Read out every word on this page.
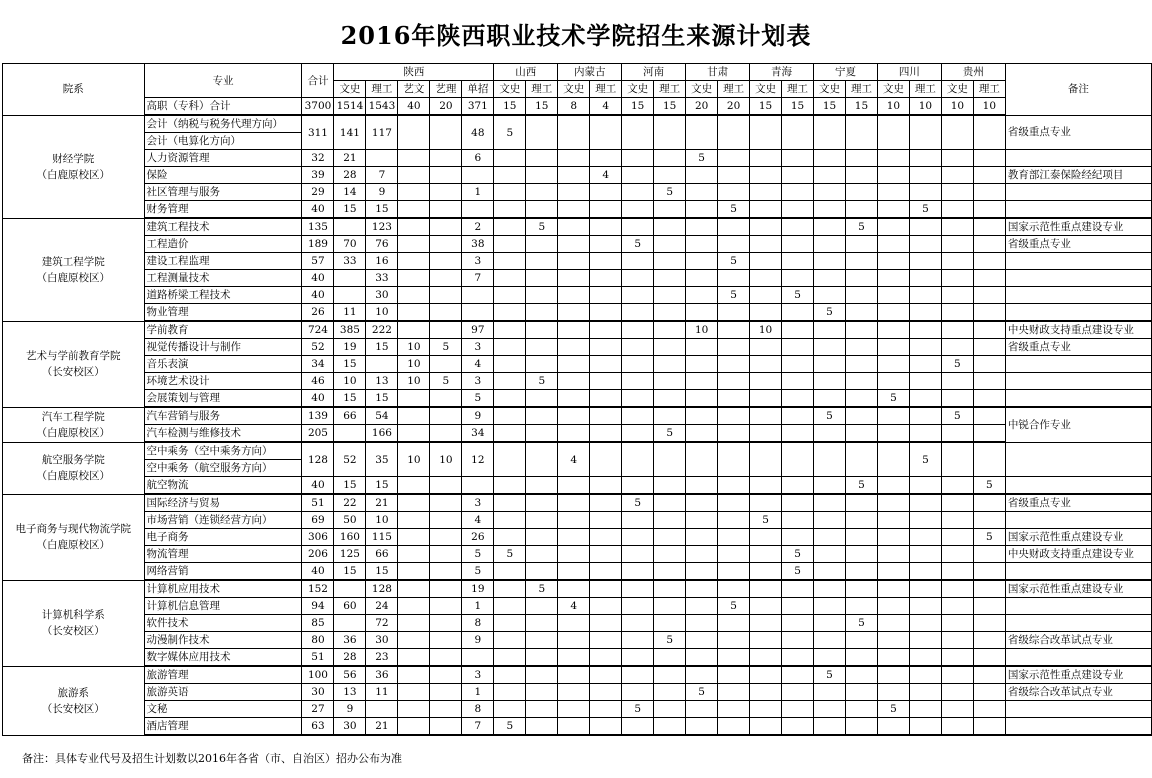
2016年陕西职业技术学院招生来源计划表
院系	专业	合计	陕西					山西		内蒙古		河南		甘肃		青海		宁夏		四川		贵州		备注
			文史	理工	艺文	艺理	单招	文史	理工	文史	理工	文史	理工	文史	理工	文史	理工	文史	理工	文史	理工	文史	理工	
	高职（专科）合计	3700	1514	1543	40	20	371	15	15	8	4	15	15	20	20	15	15	15	15	10	10	10	10	
财经学院
（白鹿原校区）	会计（纳税与税务代理方向）	311	141	117			48	5																省级重点专业
	会计（电算化方向）																							
	人力资源管理	32	21				6							5										
	保险	39	28	7							4													教育部江泰保险经纪项目
	社区管理与服务	29	14	9			1						5											
	财务管理	40	15	15											5						5			
建筑工程学院
（白鹿原校区）	建筑工程技术	135		123			2		5										5					国家示范性重点建设专业
	工程造价	189	70	76			38					5												省级重点专业
	建设工程监理	57	33	16			3								5									
	工程测量技术	40		33			7																	
	道路桥梁工程技术	40		30											5		5							
	物业管理	26	11	10														5						
艺术与学前教育学院
（长安校区）	学前教育	724	385	222			97							10		10								中央财政支持重点建设专业
	视觉传播设计与制作	52	19	15	10	5	3																	省级重点专业
	音乐表演	34	15		10		4															5		
	环境艺术设计	46	10	13	10	5	3		5															
	会展策划与管理	40	15	15			5													5				
汽车工程学院
（白鹿原校区）	汽车营销与服务	139	66	54			9											5				5		中锐合作专业
	汽车检测与维修技术	205		166			34						5											
航空服务学院
（白鹿原校区）	空中乘务（空中乘务方向）	128	52	35	10	10	12			4											5			
	空中乘务（航空服务方向）																							
	航空物流	40	15	15															5				5	
电子商务与现代物流学院
（白鹿原校区）	国际经济与贸易	51	22	21			3					5												省级重点专业
	市场营销（连锁经营方向）	69	50	10			4									5								
	电子商务	306	160	115			26																5	国家示范性重点建设专业
	物流管理	206	125	66			5	5									5							中央财政支持重点建设专业
	网络营销	40	15	15			5										5							
计算机科学系
（长安校区）	计算机应用技术	152		128			19		5															国家示范性重点建设专业
	计算机信息管理	94	60	24			1			4					5									
	软件技术	85		72			8												5					
	动漫制作技术	80	36	30			9						5											省级综合改革试点专业
	数字媒体应用技术	51	28	23																				
旅游系
（长安校区）	旅游管理	100	56	36			3											5						国家示范性重点建设专业
	旅游英语	30	13	11			1							5										省级综合改革试点专业
	文秘	27	9				8					5								5				
	酒店管理	63	30	21			7	5																
备注：具体专业代号及招生计划数以2016年各省（市、自治区）招办公布为准
